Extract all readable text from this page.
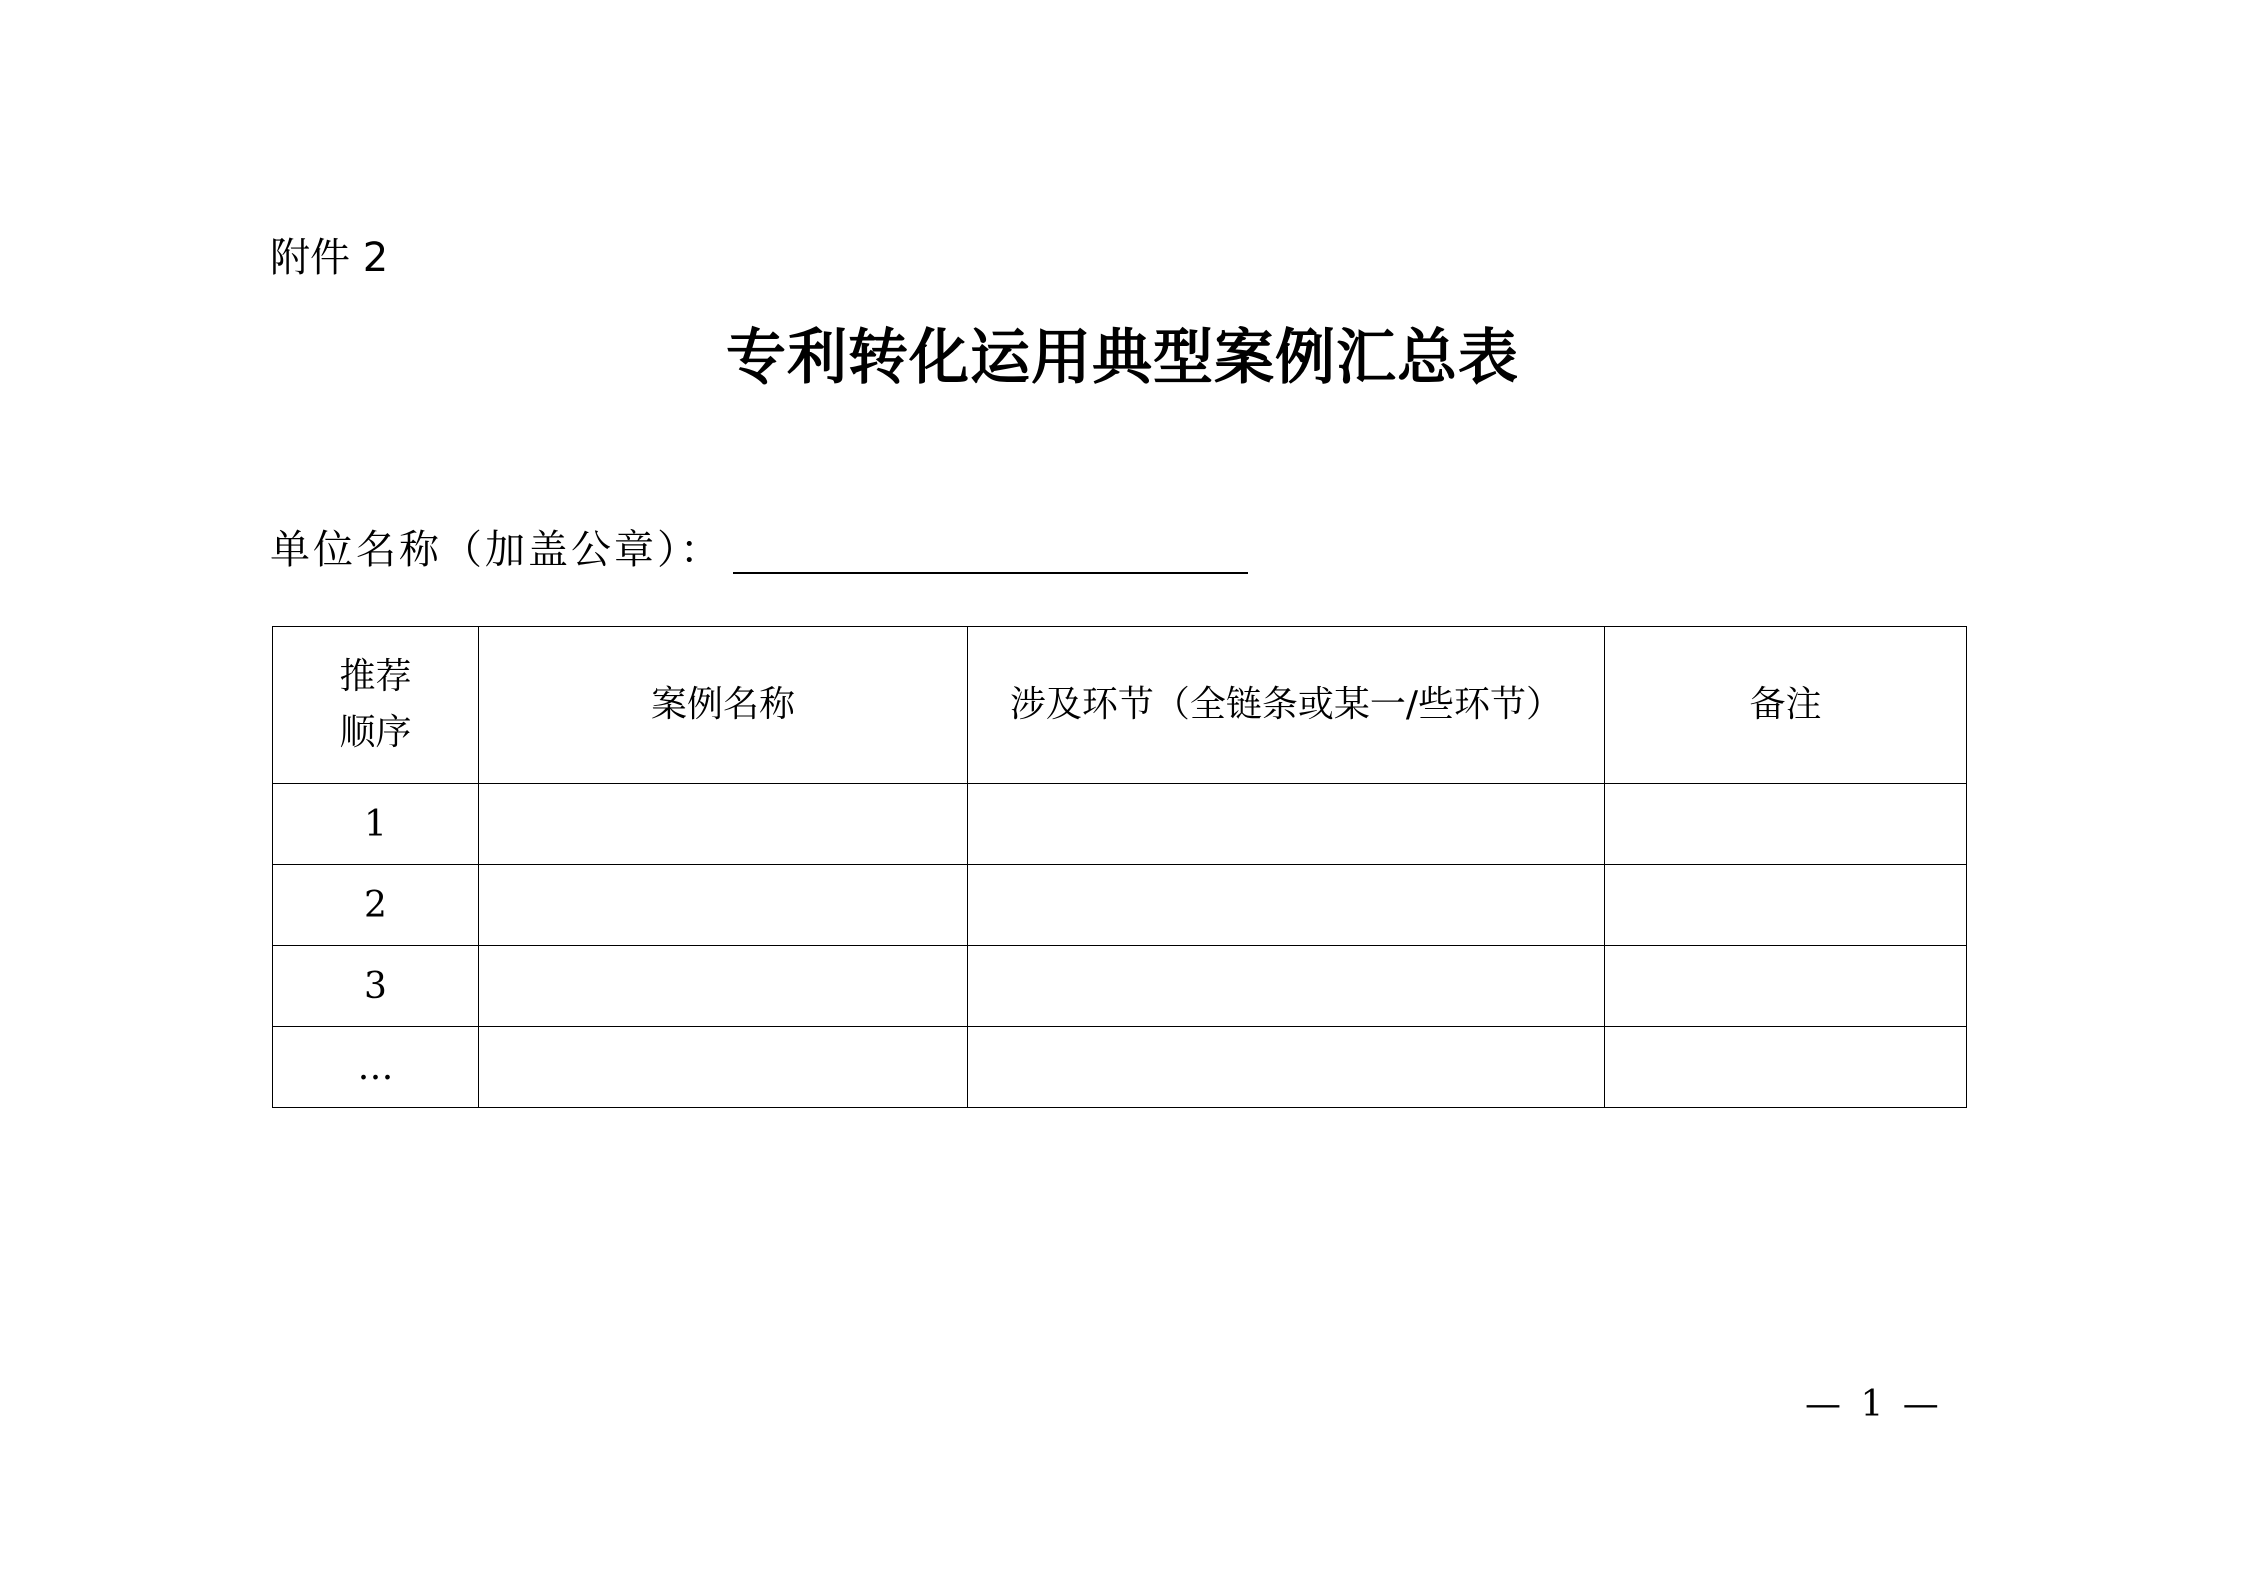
附件 2
专利转化运用典型案例汇总表
单位名称（加盖公章）：
推荐
顺序	案例名称	涉及环节（全链条或某一/些环节）	备注
1			
2			
3			
…			
— 1 —
